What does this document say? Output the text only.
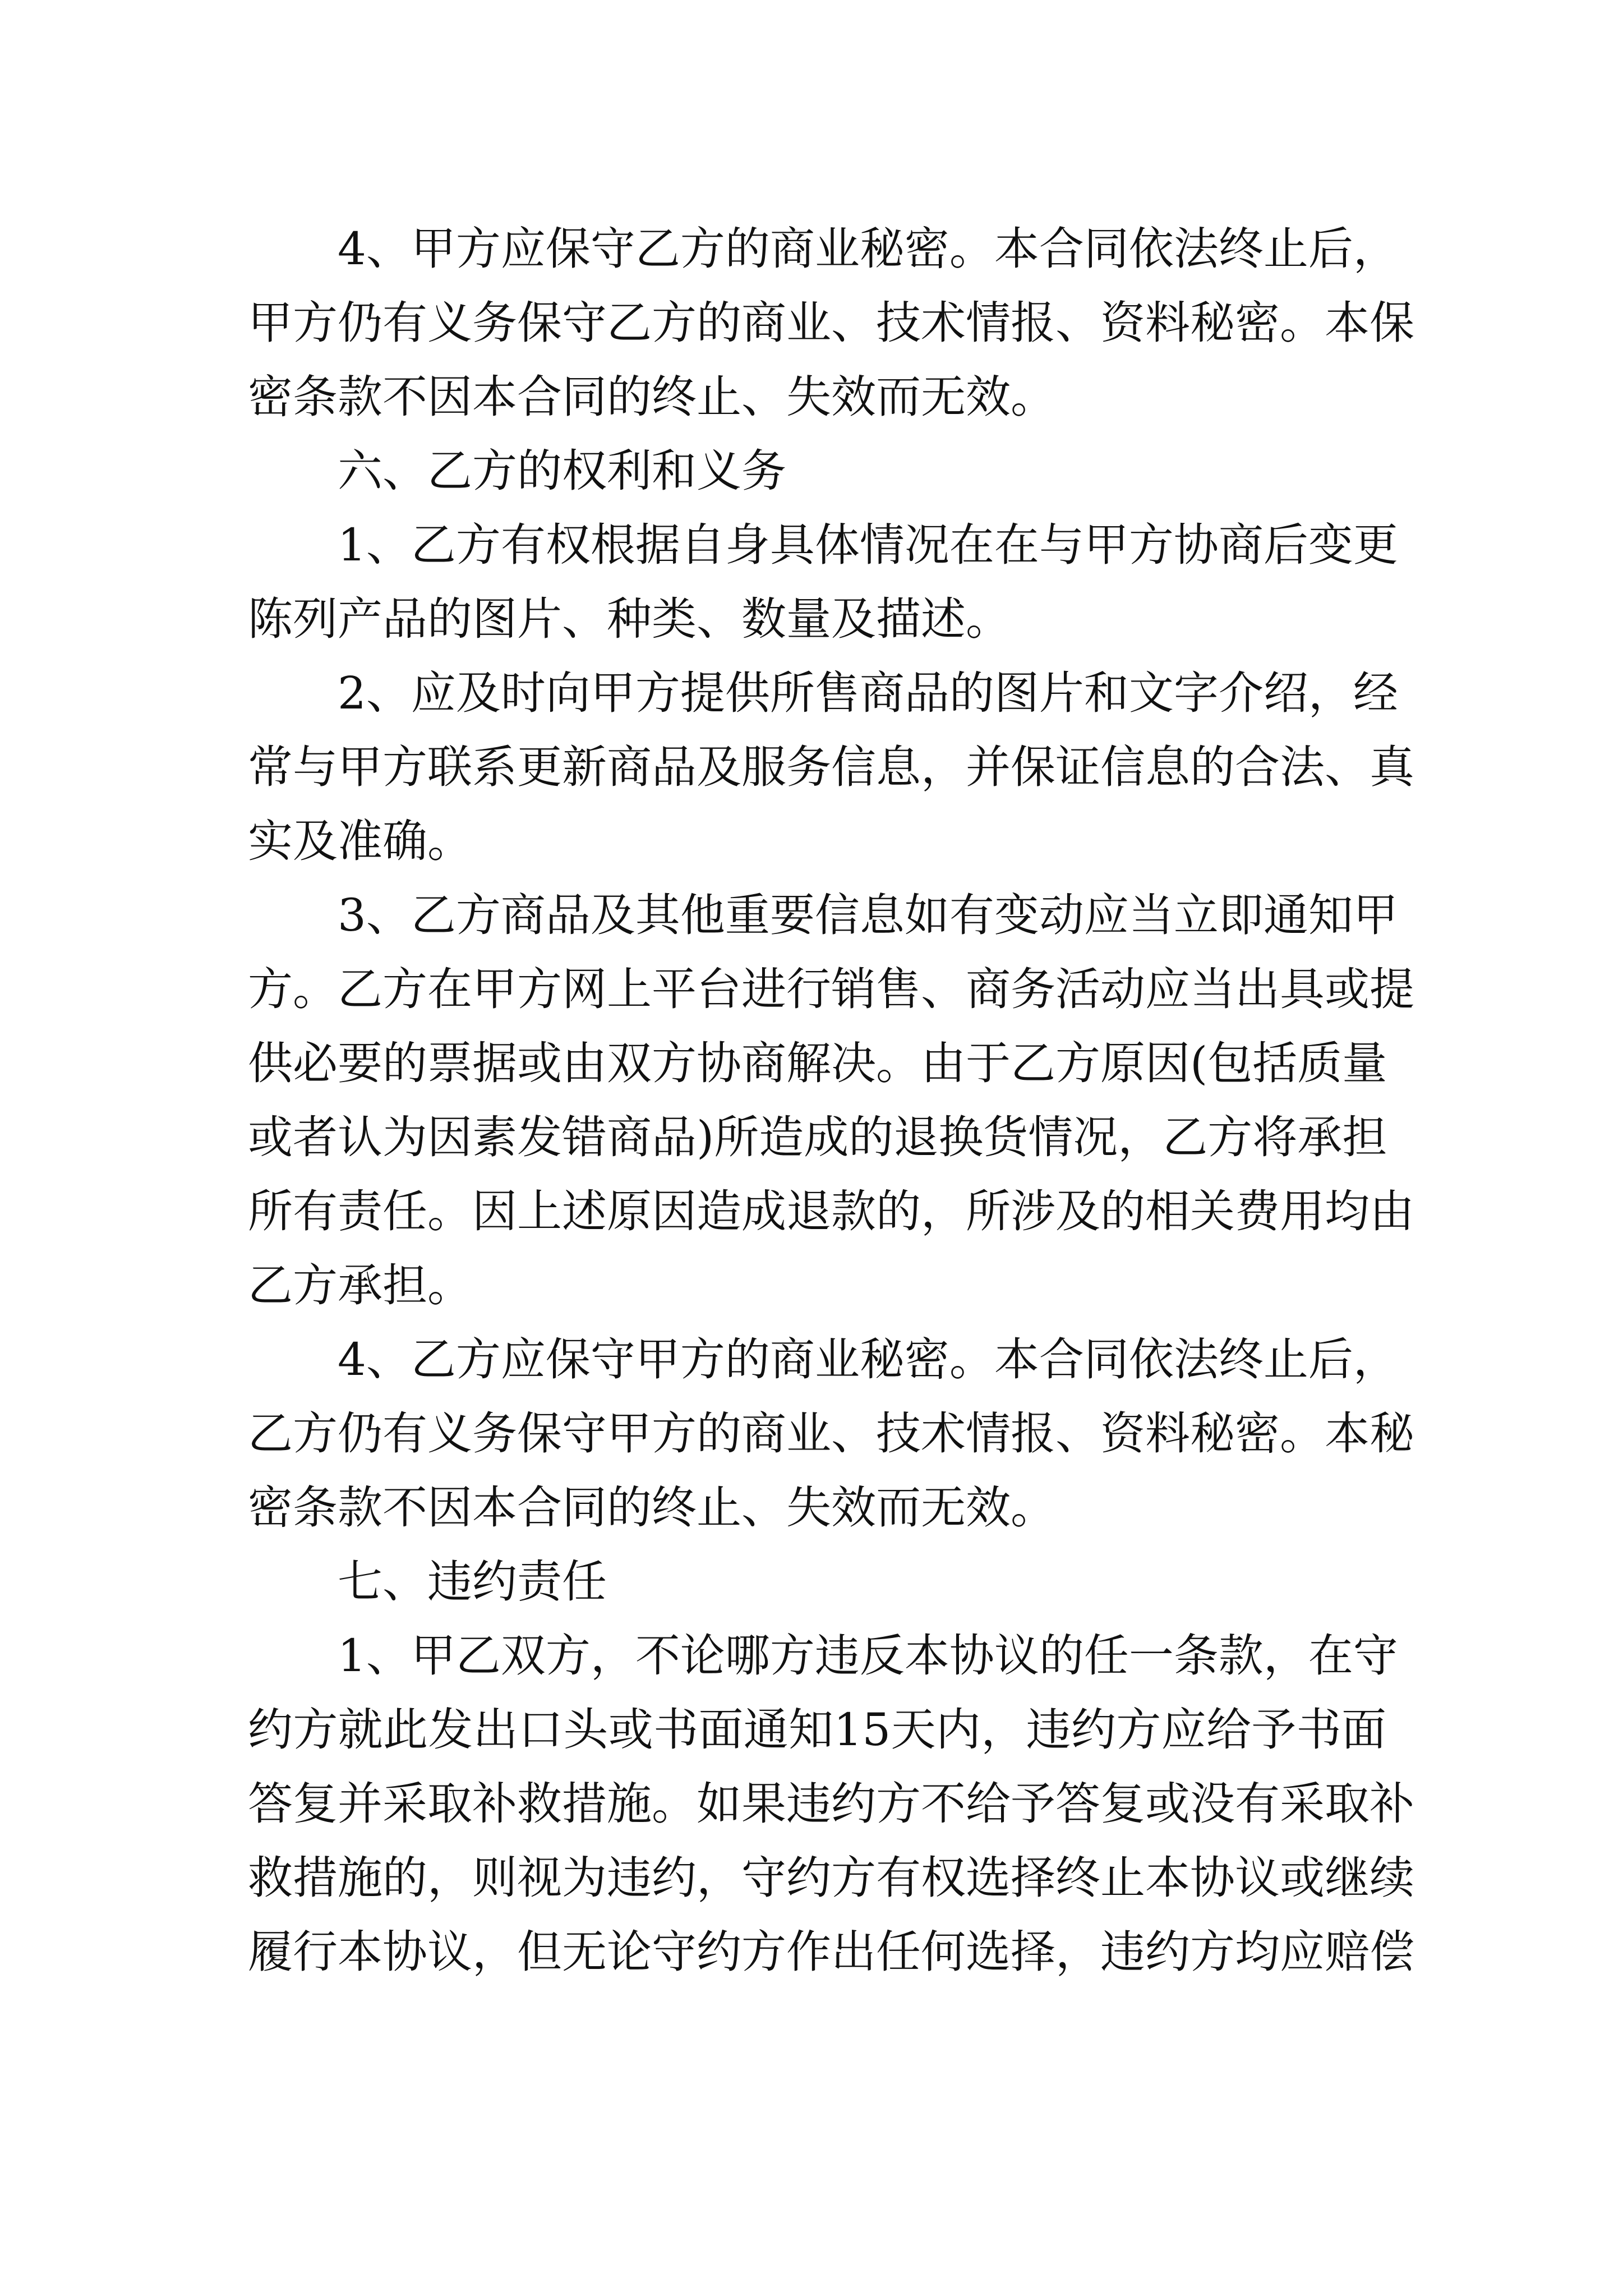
4、甲方应保守乙方的商业秘密。本合同依法终止后，
甲方仍有义务保守乙方的商业、技术情报、资料秘密。本保
密条款不因本合同的终止、失效而无效。
六、乙方的权利和义务
1、乙方有权根据自身具体情况在在与甲方协商后变更
陈列产品的图片、种类、数量及描述。
2、应及时向甲方提供所售商品的图片和文字介绍，经
常与甲方联系更新商品及服务信息，并保证信息的合法、真
实及准确。
3、乙方商品及其他重要信息如有变动应当立即通知甲
方。乙方在甲方网上平台进行销售、商务活动应当出具或提
供必要的票据或由双方协商解决。由于乙方原因(包括质量
或者认为因素发错商品)所造成的退换货情况，乙方将承担
所有责任。因上述原因造成退款的，所涉及的相关费用均由
乙方承担。
4、乙方应保守甲方的商业秘密。本合同依法终止后，
乙方仍有义务保守甲方的商业、技术情报、资料秘密。本秘
密条款不因本合同的终止、失效而无效。
七、违约责任
1、甲乙双方，不论哪方违反本协议的任一条款，在守
约方就此发出口头或书面通知15天内，违约方应给予书面
答复并采取补救措施。如果违约方不给予答复或没有采取补
救措施的，则视为违约，守约方有权选择终止本协议或继续
履行本协议，但无论守约方作出任何选择，违约方均应赔偿
